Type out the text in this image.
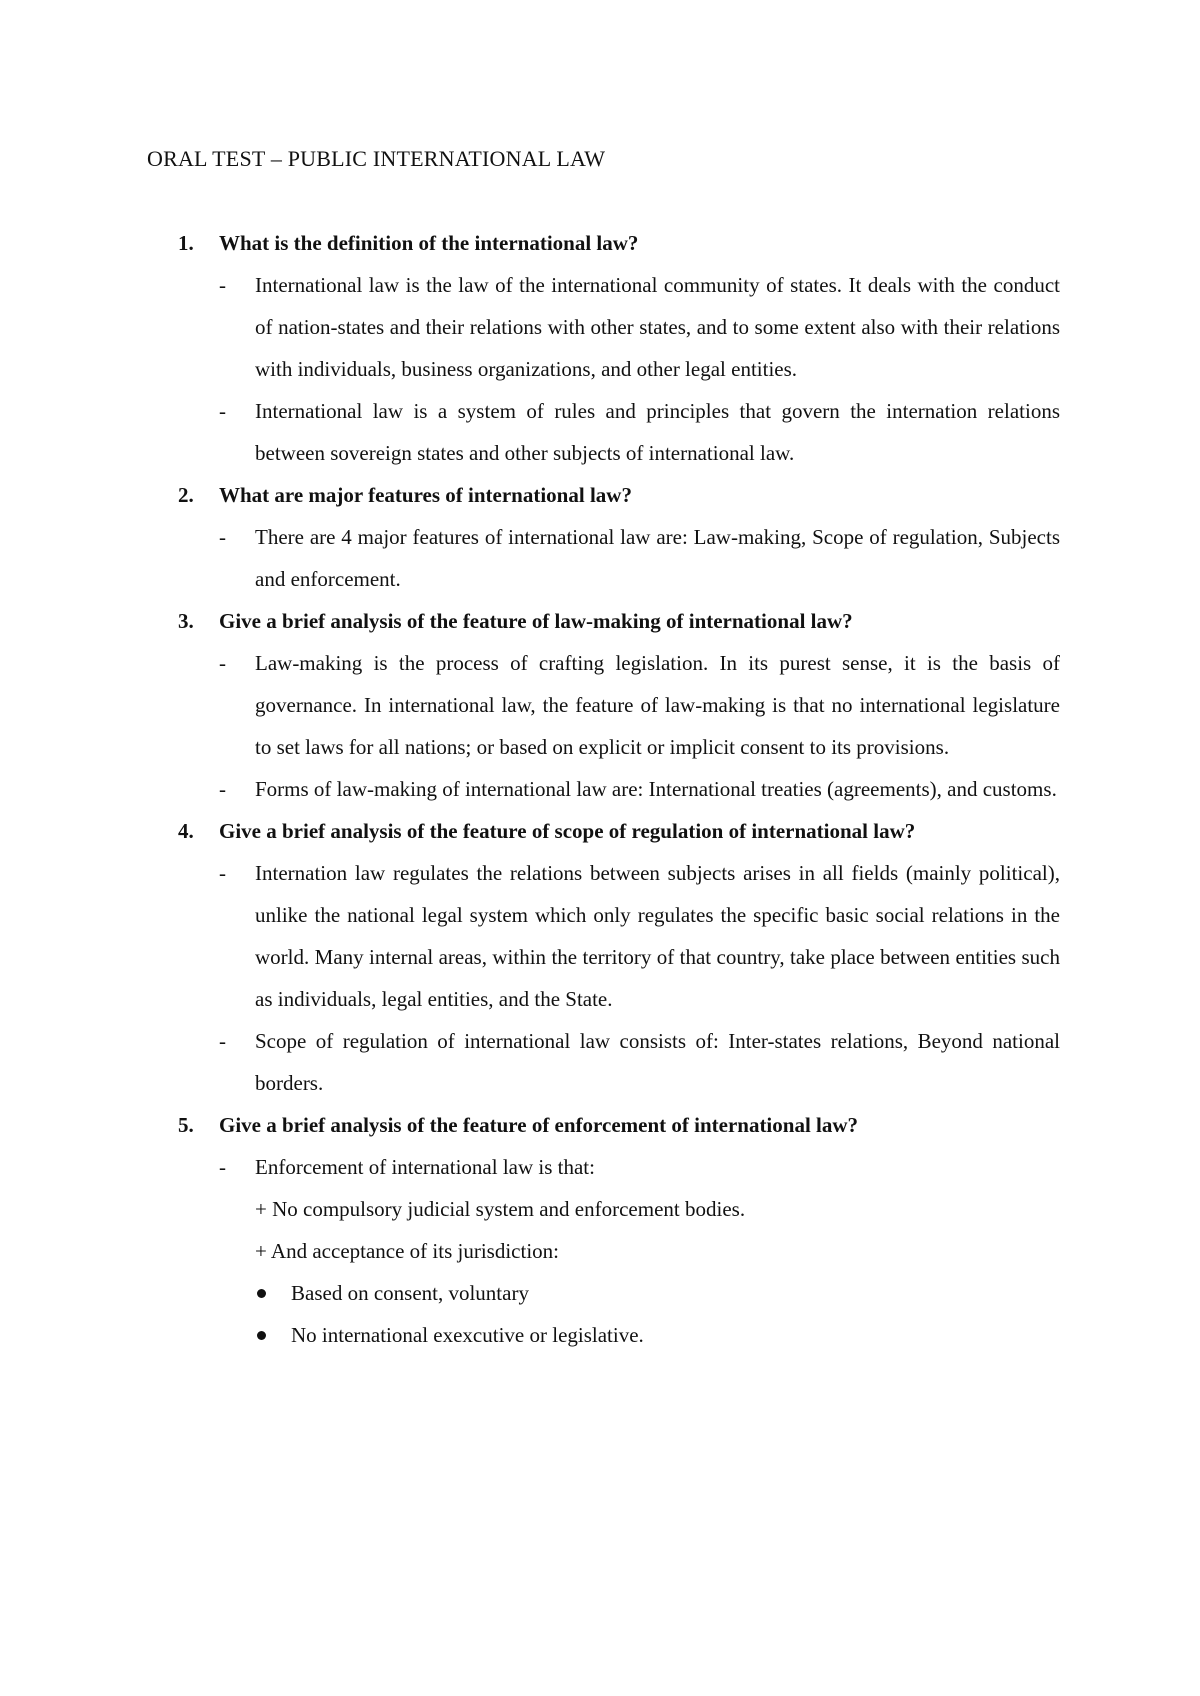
ORAL TEST – PUBLIC INTERNATIONAL LAW
1.	What is the definition of the international law?
-	International law is the law of the international community of states. It deals with the conduct of nation-states and their relations with other states, and to some extent also with their relations with individuals, business organizations, and other legal entities.
-	International law is a system of rules and principles that govern the internation relations between sovereign states and other subjects of international law.
2.	What are major features of international law?
-	There are 4 major features of international law are: Law-making, Scope of regulation, Subjects and enforcement.
3.	Give a brief analysis of the feature of law-making of international law?
-	Law-making is the process of crafting legislation. In its purest sense, it is the basis of governance. In international law, the feature of law-making is that no international legislature to set laws for all nations; or based on explicit or implicit consent to its provisions.
-	Forms of law-making of international law are: International treaties (agreements), and customs.
4.	Give a brief analysis of the feature of scope of regulation of international law?
-	Internation law regulates the relations between subjects arises in all fields (mainly political), unlike the national legal system which only regulates the specific basic social relations in the world. Many internal areas, within the territory of that country, take place between entities such as individuals, legal entities, and the State.
-	Scope of regulation of international law consists of: Inter-states relations, Beyond national borders.
5.	Give a brief analysis of the feature of enforcement of international law?
-	Enforcement of international law is that:
+ No compulsory judicial system and enforcement bodies.
+ And acceptance of its jurisdiction:
Based on consent, voluntary
No international exexcutive or legislative.
